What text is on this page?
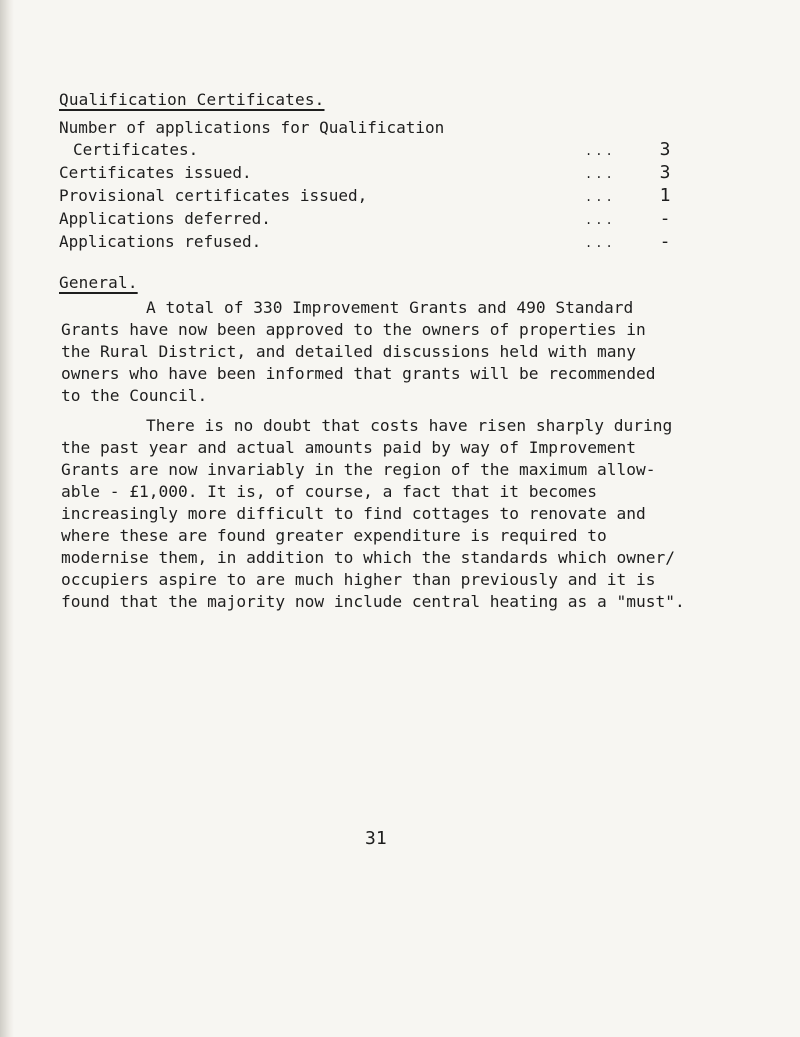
Qualification Certificates.
Number of applications for Qualification
Certificates.	... 3
Certificates issued.	... 3
Provisional certificates issued,	... 1
Applications deferred.	... -
Applications refused.	... -
General.
A total of 330 Improvement Grants and 490 Standard
Grants have now been approved to the owners of properties in
the Rural District, and detailed discussions held with many
owners who have been informed that grants will be recommended
to the Council.
There is no doubt that costs have risen sharply during
the past year and actual amounts paid by way of Improvement
Grants are now invariably in the region of the maximum allow-
able - £1,000. It is, of course, a fact that it becomes
increasingly more difficult to find cottages to renovate and
where these are found greater expenditure is required to
modernise them, in addition to which the standards which owner/
occupiers aspire to are much higher than previously and it is
found that the majority now include central heating as a "must".
31
